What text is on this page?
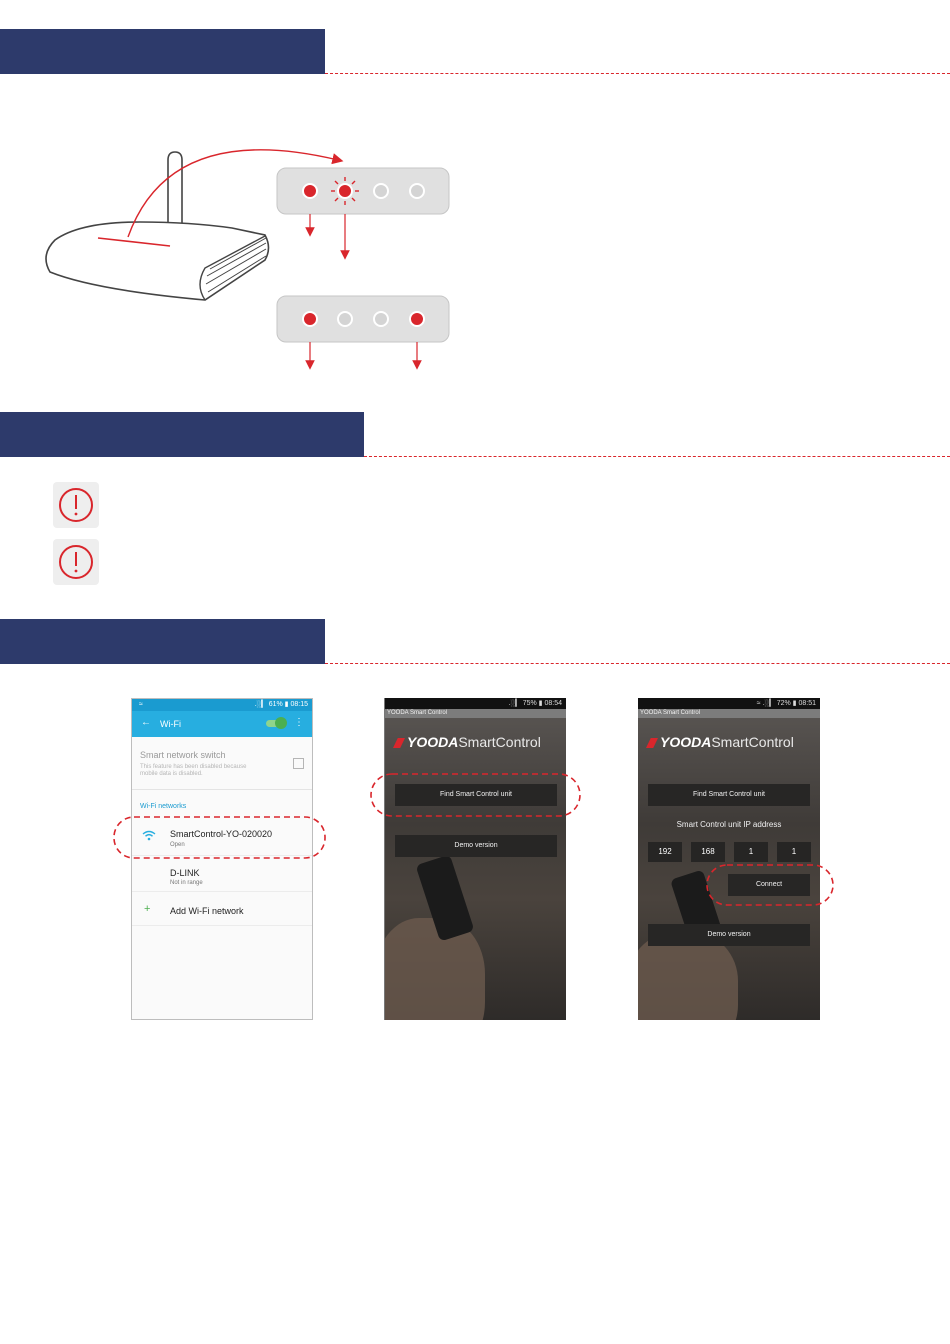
≈	.░▎ 61% ▮ 08:15
← Wi-Fi	⋮
Smart network switch
This feature has been disabled because
mobile data is disabled.
Wi-Fi networks
SmartControl-YO-020020
Open
D-LINK
Not in range
+ Add Wi-Fi network
.░▎ 75% ▮ 08:54
YOODA Smart Control
YOODASmartControl
Find Smart Control unit
Demo version
≈ .░▎ 72% ▮ 08:51
YOODA Smart Control
YOODASmartControl
Find Smart Control unit
Smart Control unit IP address
192	168	1	1
Connect
Demo version
